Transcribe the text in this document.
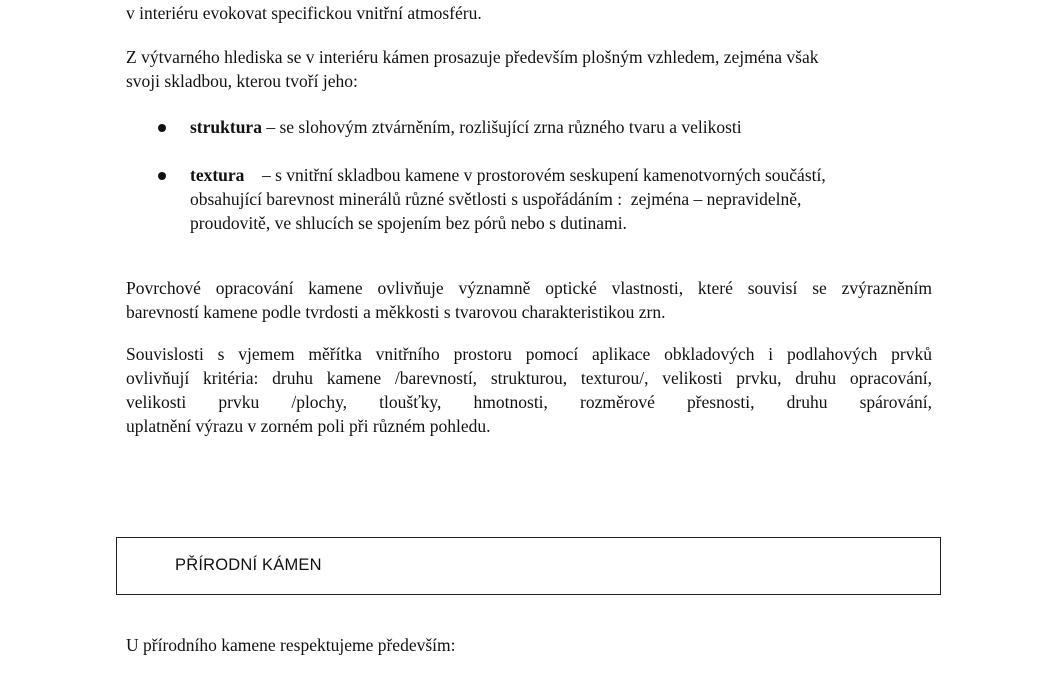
v interiéru evokovat specifickou vnitřní atmosféru.

Z výtvarného hlediska se v interiéru kámen prosazuje především plošným vzhledem, zejména však
svoji skladbou, kterou tvoří jeho:

struktura – se slohovým ztvárněním, rozlišující zrna různého tvaru a velikosti

textura    – s vnitřní skladbou kamene v prostorovém seskupení kamenotvorných součástí,
obsahující barevnost minerálů různé světlosti s uspořádáním :  zejména – nepravidelně,
proudovitě, ve shlucích se spojením bez pórů nebo s dutinami.

Povrchové opracování kamene ovlivňuje významně optické vlastnosti, které souvisí se zvýrazněním
barevností kamene podle tvrdosti a měkkosti s tvarovou charakteristikou zrn.

Souvislosti s vjemem měřítka vnitřního prostoru pomocí aplikace obkladových i podlahových prvků
ovlivňují kritéria: druhu kamene /barevností, strukturou, texturou/, velikosti prvku, druhu opracování,
velikosti prvku /plochy, tloušťky, hmotnosti, rozměrové přesnosti, druhu spárování,
uplatnění výrazu v zorném poli při různém pohledu.

PŘÍRODNÍ KÁMEN

U přírodního kamene respektujeme především:
